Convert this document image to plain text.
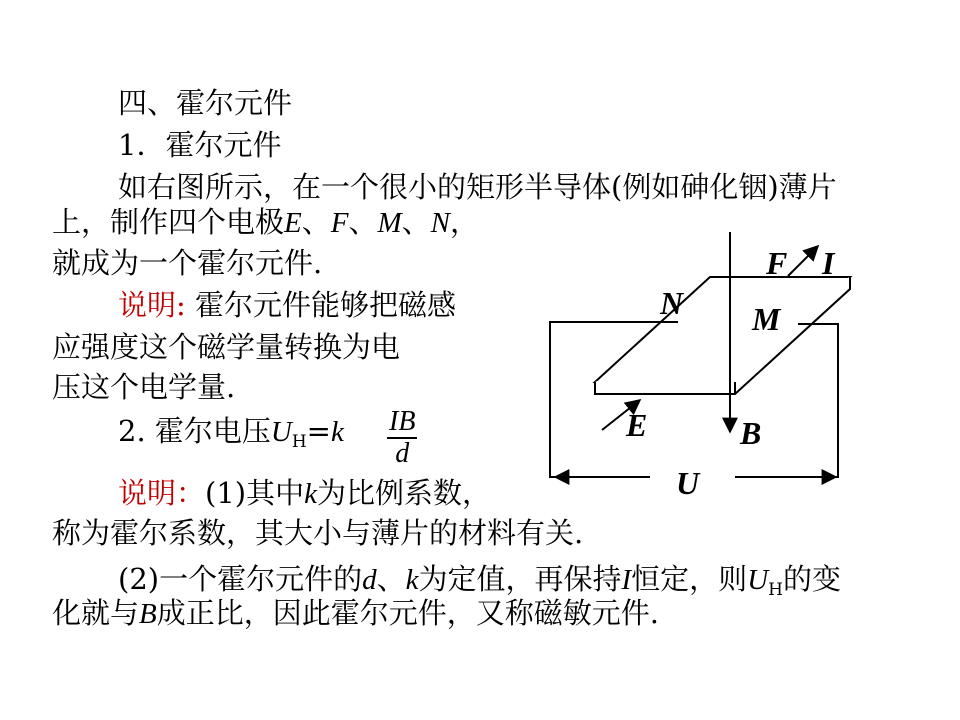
四、霍尔元件
1．霍尔元件
如右图所示，在一个很小的矩形半导体(例如砷化铟)薄片
上，制作四个电极E、F、M、N，
就成为一个霍尔元件.
说明: 霍尔元件能够把磁感
应强度这个磁学量转换为电
压这个电学量.
2. 霍尔电压$U_H=k \frac{IB}{d}$
说明：(1)其中k为比例系数，
称为霍尔系数，其大小与薄片的材料有关.
(2)一个霍尔元件的d、k为定值，再保持I恒定，则$U_H$的变
化就与B成正比，因此霍尔元件，又称磁敏元件.
F I
N M
E	B
U
